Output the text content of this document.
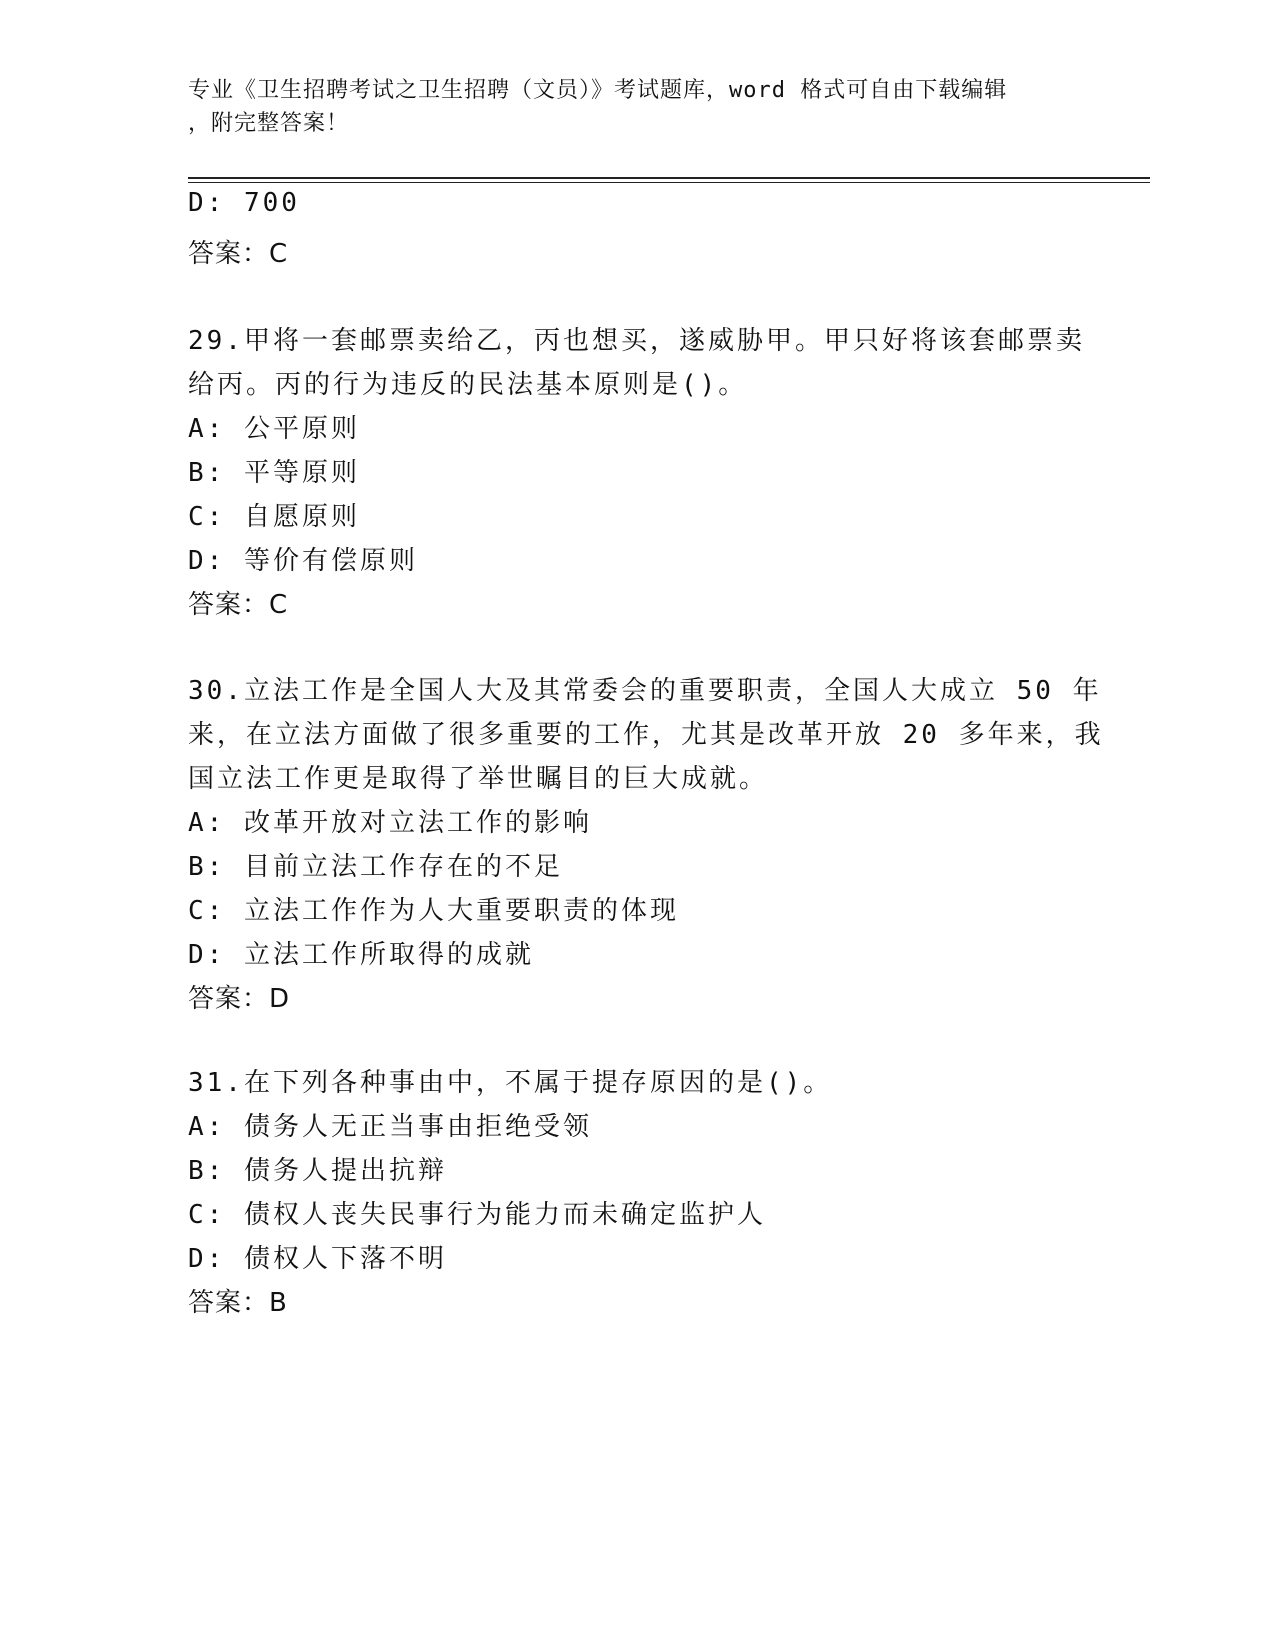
专业《卫生招聘考试之卫生招聘（文员）》考试题库，word 格式可自由下载编辑
，附完整答案！
D: 700
答案：C
29.甲将一套邮票卖给乙，丙也想买，遂威胁甲。甲只好将该套邮票卖
给丙。丙的行为违反的民法基本原则是()。
A: 公平原则
B: 平等原则
C: 自愿原则
D: 等价有偿原则
答案：C
30.立法工作是全国人大及其常委会的重要职责，全国人大成立 50 年
来，在立法方面做了很多重要的工作，尤其是改革开放 20 多年来，我
国立法工作更是取得了举世瞩目的巨大成就。
A: 改革开放对立法工作的影响
B: 目前立法工作存在的不足
C: 立法工作作为人大重要职责的体现
D: 立法工作所取得的成就
答案：D
31.在下列各种事由中，不属于提存原因的是()。
A: 债务人无正当事由拒绝受领
B: 债务人提出抗辩
C: 债权人丧失民事行为能力而未确定监护人
D: 债权人下落不明
答案：B
